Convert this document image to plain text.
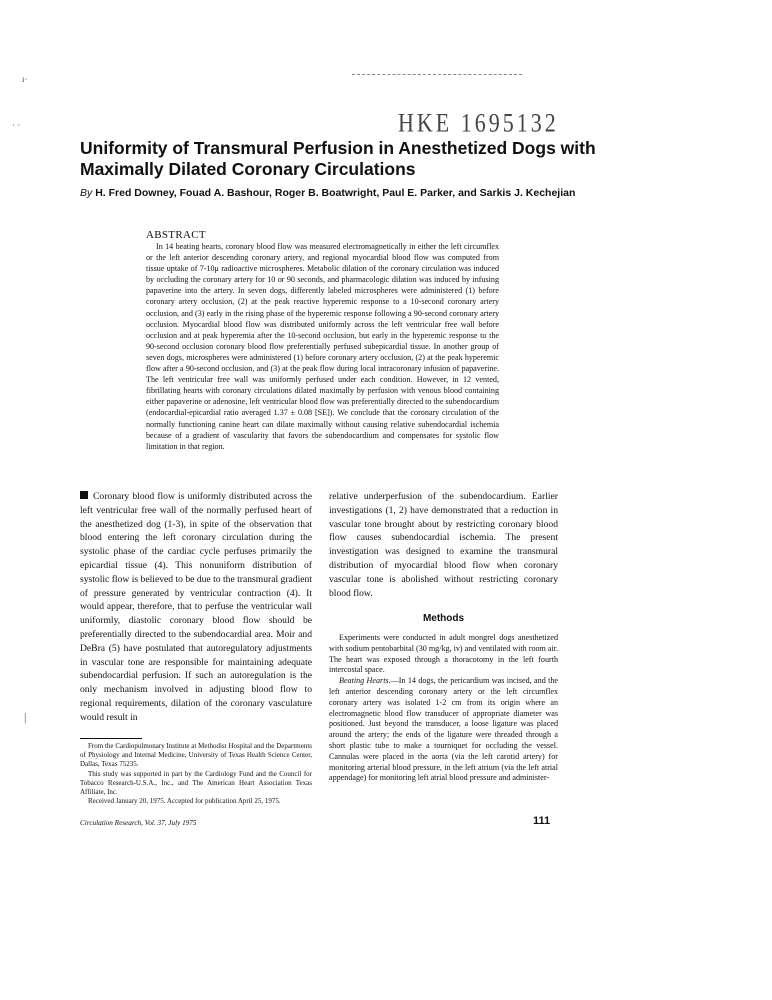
ı·
· ·
|
HKE 1695132
Uniformity of Transmural Perfusion in Anesthetized Dogs with Maximally Dilated Coronary Circulations
By H. Fred Downey, Fouad A. Bashour, Roger B. Boatwright, Paul E. Parker, and Sarkis J. Kechejian
ABSTRACT
In 14 beating hearts, coronary blood flow was measured electromagnetically in either the left circumflex or the left anterior descending coronary artery, and regional myocardial blood flow was computed from tissue uptake of 7-10μ radioactive microspheres. Metabolic dilation of the coronary circulation was induced by occluding the coronary artery for 10 or 90 seconds, and pharmacologic dilation was induced by infusing papaverine into the artery. In seven dogs, differently labeled microspheres were administered (1) before coronary artery occlusion, (2) at the peak reactive hyperemic response to a 10-second coronary artery occlusion, and (3) early in the rising phase of the hyperemic response following a 90-second coronary artery occlusion. Myocardial blood flow was distributed uniformly across the left ventricular free wall before occlusion and at peak hyperemia after the 10-second occlusion, but early in the hyperemic response to the 90-second occlusion coronary blood flow preferentially perfused subepicardial tissue. In another group of seven dogs, microspheres were administered (1) before coronary artery occlusion, (2) at the peak hyperemic flow after a 90-second occlusion, and (3) at the peak flow during local intracoronary infusion of papaverine. The left ventricular free wall was uniformly perfused under each condition. However, in 12 vented, fibrillating hearts with coronary circulations dilated maximally by perfusion with venous blood containing either papaverine or adenosine, left ventricular blood flow was preferentially directed to the subendocardium (endocardial-epicardial ratio averaged 1.37 ± 0.08 [SE]). We conclude that the coronary circulation of the normally functioning canine heart can dilate maximally without causing relative subendocardial ischemia because of a gradient of vascularity that favors the subendocardium and compensates for systolic flow limitation in that region.
Coronary blood flow is uniformly distributed across the left ventricular free wall of the normally perfused heart of the anesthetized dog (1-3), in spite of the observation that blood entering the left coronary circulation during the systolic phase of the cardiac cycle perfuses primarily the epicardial tissue (4). This nonuniform distribution of systolic flow is believed to be due to the transmural gradient of pressure generated by ventricular contraction (4). It would appear, therefore, that to perfuse the ventricular wall uniformly, diastolic coronary blood flow should be preferentially directed to the subendocardial area. Moir and DeBra (5) have postulated that autoregulatory adjustments in vascular tone are responsible for maintaining adequate subendocardial perfusion. If such an autoregulation is the only mechanism involved in adjusting blood flow to regional requirements, dilation of the coronary vasculature would result in
relative underperfusion of the subendocardium. Earlier investigations (1, 2) have demonstrated that a reduction in vascular tone brought about by restricting coronary blood flow causes subendocardial ischemia. The present investigation was designed to examine the transmural distribution of myocardial blood flow when coronary vascular tone is abolished without restricting coronary blood flow.
Methods

Experiments were conducted in adult mongrel dogs anesthetized with sodium pentobarbital (30 mg/kg, iv) and ventilated with room air. The heart was exposed through a thoracotomy in the left fourth intercostal space.

Beating Hearts.—In 14 dogs, the pericardium was incised, and the left anterior descending coronary artery or the left circumflex coronary artery was isolated 1-2 cm from its origin where an electromagnetic blood flow transducer of appropriate diameter was positioned. Just beyond the transducer, a loose ligature was placed around the artery; the ends of the ligature were threaded through a short plastic tube to make a tourniquet for occluding the vessel. Cannulas were placed in the aorta (via the left carotid artery) for monitoring arterial blood pressure, in the left atrium (via the left atrial appendage) for monitoring left atrial blood pressure and administer-

From the Cardiopulmonary Institute at Methodist Hospital and the Departments of Physiology and Internal Medicine, University of Texas Health Science Center, Dallas, Texas 75235.

This study was supported in part by the Cardiology Fund and the Council for Tobacco Research-U.S.A., Inc., and The American Heart Association Texas Affiliate, Inc.

Received January 20, 1975. Accepted for publication April 25, 1975.

Circulation Research, Vol. 37, July 1975	111
